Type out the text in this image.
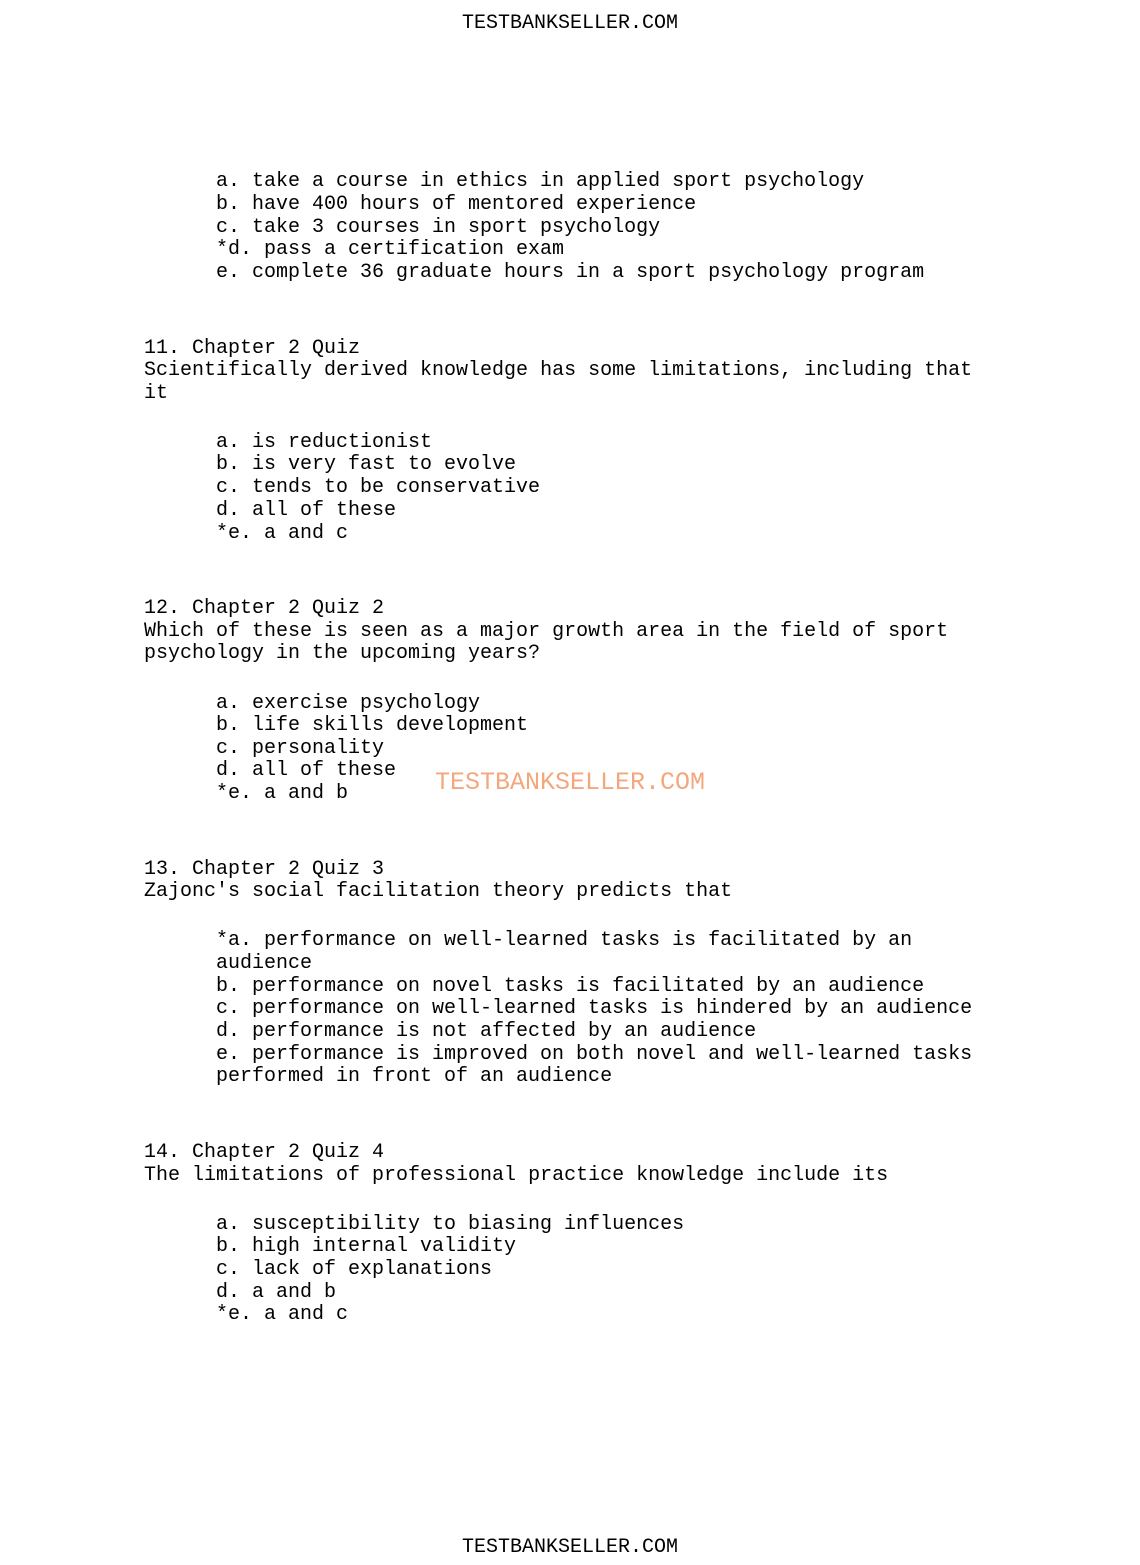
TESTBANKSELLER.COM
a. take a course in ethics in applied sport psychology
b. have 400 hours of mentored experience
c. take 3 courses in sport psychology
*d. pass a certification exam
e. complete 36 graduate hours in a sport psychology program
11. Chapter 2 Quiz
Scientifically derived knowledge has some limitations, including that
it
a. is reductionist
b. is very fast to evolve
c. tends to be conservative
d. all of these
*e. a and c
12. Chapter 2 Quiz 2
Which of these is seen as a major growth area in the field of sport
psychology in the upcoming years?
a. exercise psychology
b. life skills development
c. personality
d. all of these
*e. a and b	TESTBANKSELLER.COM
13. Chapter 2 Quiz 3
Zajonc's social facilitation theory predicts that
*a. performance on well-learned tasks is facilitated by an
audience
b. performance on novel tasks is facilitated by an audience
c. performance on well-learned tasks is hindered by an audience
d. performance is not affected by an audience
e. performance is improved on both novel and well-learned tasks
performed in front of an audience
14. Chapter 2 Quiz 4
The limitations of professional practice knowledge include its
a. susceptibility to biasing influences
b. high internal validity
c. lack of explanations
d. a and b
*e. a and c
TESTBANKSELLER.COM
